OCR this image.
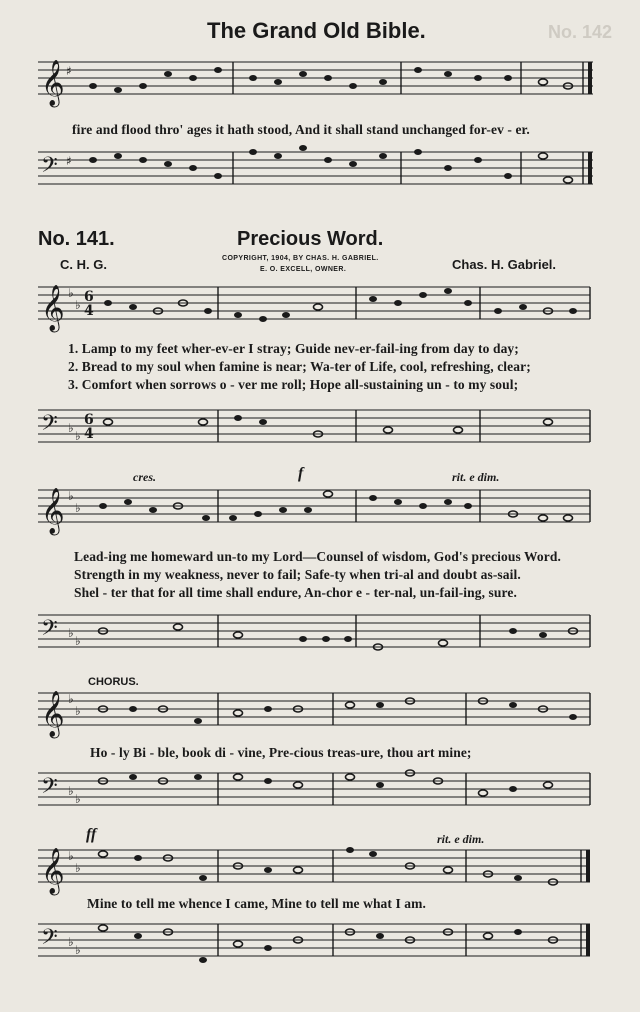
No. 142
The Grand Old Bible.
𝄞 ♯
fire and flood thro' ages it hath stood, And it shall stand unchanged for-ev - er.
𝄢 ♯
No. 141.	Precious Word.
C. H. G.	COPYRIGHT, 1904, BY CHAS. H. GABRIEL.
E. O. EXCELL, OWNER.	Chas. H. Gabriel.
𝄞 ♭
♭ 6
4
1. Lamp to my feet wher-ev-er I stray; Guide nev-er-fail-ing from day to day;
2. Bread to my soul when famine is near; Wa-ter of Life, cool, refreshing, clear;
3. Comfort when sorrows o - ver me roll; Hope all-sustaining un - to my soul;
𝄢 ♭
♭
6
4
cres.	f	rit. e dim.
𝄞 ♭
♭
Lead-ing me homeward un-to my Lord—Counsel of wisdom, God's precious Word.
Strength in my weakness, never to fail; Safe-ty when tri-al and doubt as-sail.
Shel - ter that for all time shall endure, An-chor e - ter-nal, un-fail-ing, sure.
𝄢 ♭
♭
CHORUS.
𝄞 ♭
♭
Ho - ly Bi - ble, book di - vine, Pre-cious treas-ure, thou art mine;
𝄢 ♭
♭
ff	rit. e dim.
𝄞 ♭
♭
Mine to tell me whence I came, Mine to tell me what I am.
𝄢 ♭
♭
